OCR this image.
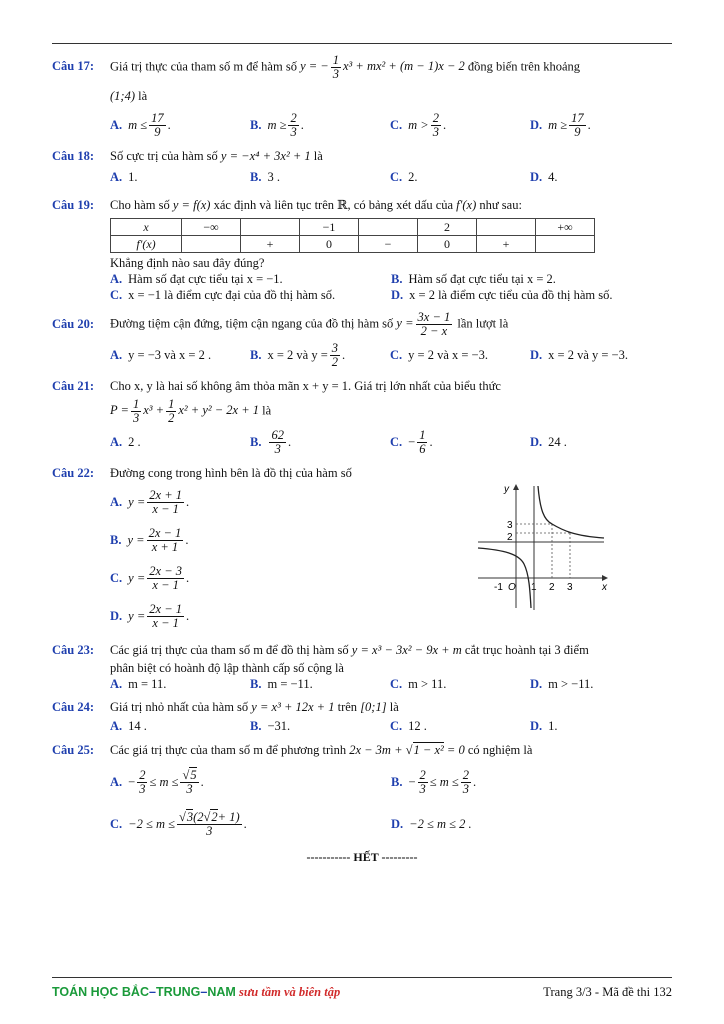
Câu 17:	Giá trị thực của tham số m để hàm số y = − $\frac{1}{3} x^3 + mx^2 + (m - 1)x - 2$ đồng biến trên khoảng
(1;4) là
A. $m \le \frac{17}{9}$ .	B. $m \ge \frac{2}{3}$ .	C. $m > \frac{2}{3}$ .	D. $m \ge \frac{17}{9}$ .
Câu 18:	Số cực trị của hàm số y = −x⁴ + 3x² + 1 là
A. 1.	B. 3 .	C. 2.	D. 4.
Câu 19:	Cho hàm số y = f(x) xác định và liên tục trên ℝ, có bảng xét dấu của f′(x) như sau:
x	−∞		−1		2		+∞
f′(x)		+	0	−	0	+	
Khẳng định nào sau đây đúng?
A. Hàm số đạt cực tiểu tại x = −1.	B. Hàm số đạt cực tiểu tại x = 2.
C. x = −1 là điểm cực đại của đồ thị hàm số.	D. x = 2 là điểm cực tiểu của đồ thị hàm số.
Câu 20:	Đường tiệm cận đứng, tiệm cận ngang của đồ thị hàm số $y = \frac{3x - 1}{2 - x}$ lần lượt là
A. y = −3 và x = 2 .	B. x = 2 và $y = \frac{3}{2}$ .	C. y = 2 và x = −3.	D. x = 2 và y = −3.
Câu 21:	Cho x, y là hai số không âm thỏa mãn x + y = 1. Giá trị lớn nhất của biểu thức
$P = \frac{1}{3} x^3 + \frac{1}{2} x^2 + y^2 - 2x + 1$ là
A. 2 .	B. $\frac{62}{3}$ .	C. − $\frac{1}{6}$ .	D. 24 .
Câu 22:	Đường cong trong hình bên là đồ thị của hàm số
A. $y = \frac{2x + 1}{x - 1}$ .
B. $y = \frac{2x - 1}{x + 1}$ .
C. $y = \frac{2x - 3}{x - 1}$ .
D. $y = \frac{2x - 1}{x - 1}$ .
y
x
O
-1	1 2 3
3
2
Câu 23:	Các giá trị thực của tham số m để đồ thị hàm số y = x³ − 3x² − 9x + m cắt trục hoành tại 3 điểm
phân biệt có hoành độ lập thành cấp số cộng là
A. m = 11.	B. m = −11.	C. m > 11.	D. m > −11.
Câu 24:	Giá trị nhỏ nhất của hàm số y = x³ + 12x + 1 trên [0;1] là
A. 14 .	B. −31.	C. 12 .	D. 1.
Câu 25:	Các giá trị thực của tham số m để phương trình 2x − 3m + √1 − x² = 0 có nghiệm là
A. − $\frac{2}{3} \le m \le \frac{√5}{3}$ .	B. − $\frac{2}{3} \le m \le \frac{2}{3}$ .
C. $-2 \le m \le \frac{√3(2√2+ 1)}{3}$ .	D. −2 ≤ m ≤ 2 .
----------- HẾT ---------
TOÁN HỌC BẮC–TRUNG–NAM sưu tầm và biên tập	Trang 3/3 - Mã đề thi 132
